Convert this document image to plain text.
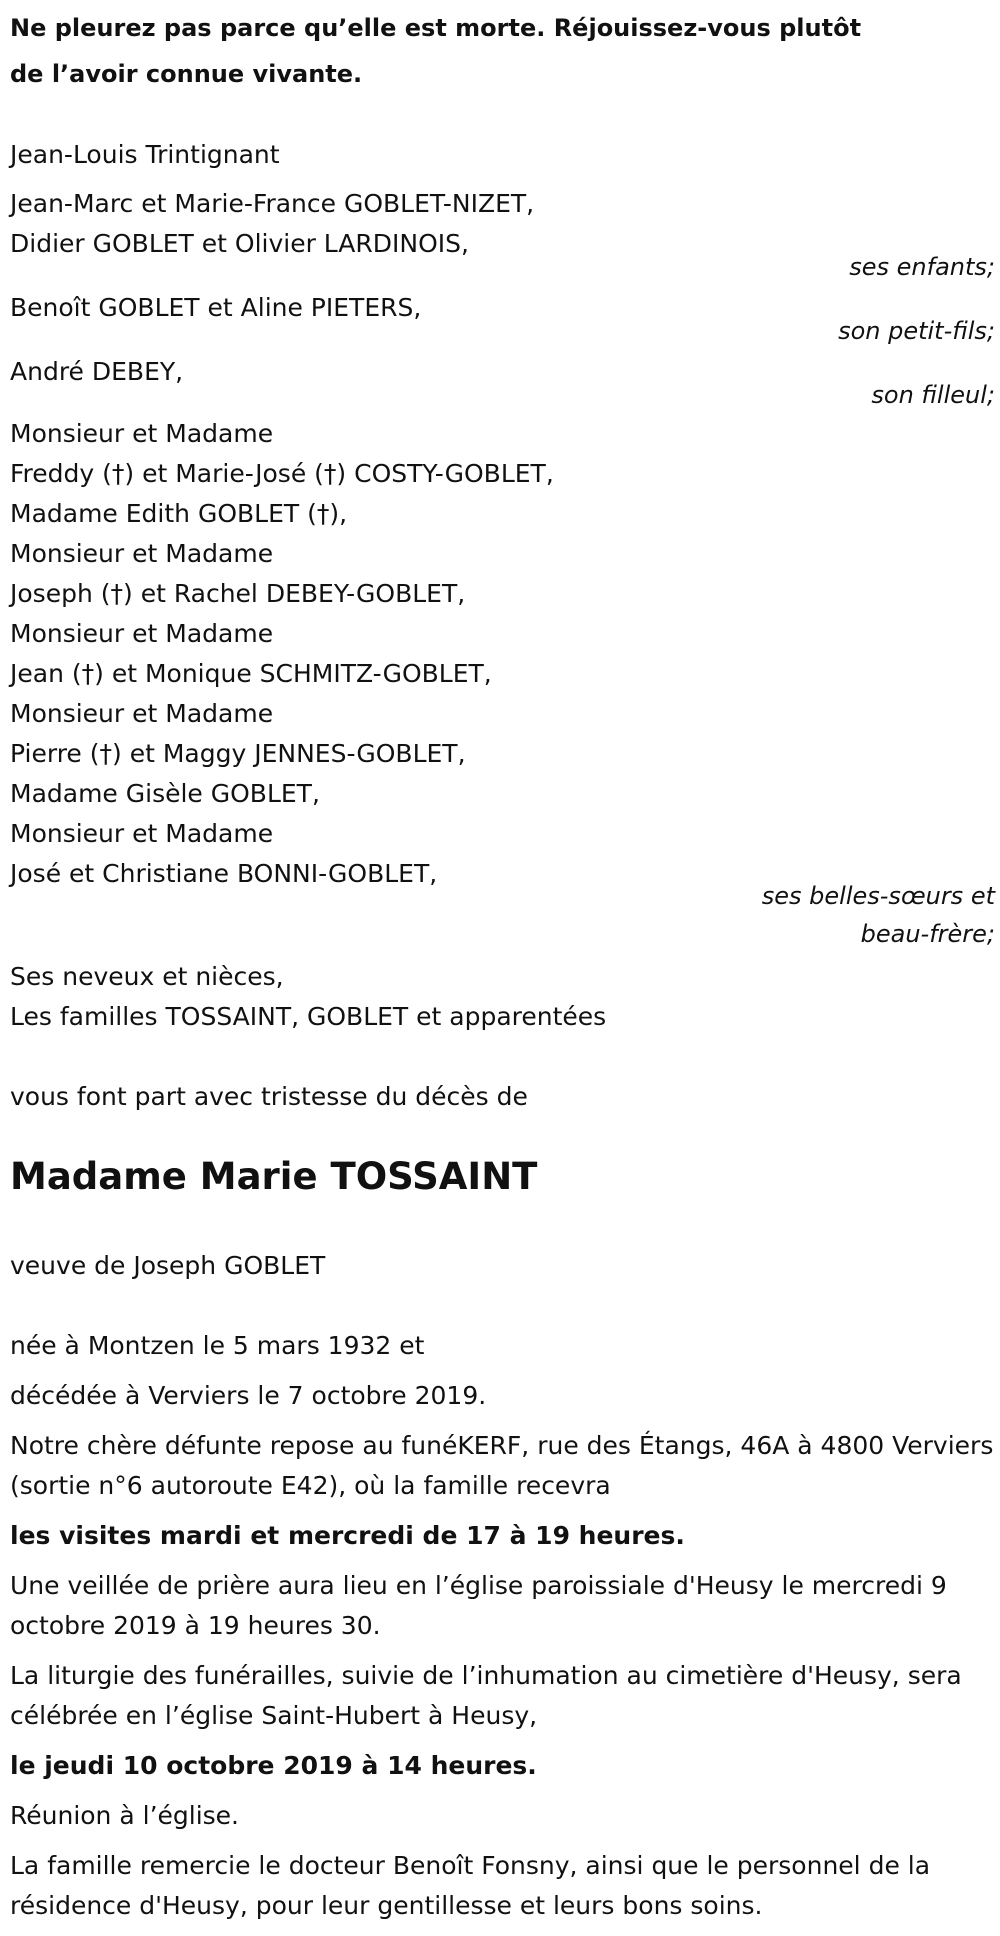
Ne pleurez pas parce qu’elle est morte. Réjouissez-vous plutôt
de l’avoir connue vivante.
Jean-Louis Trintignant
Jean-Marc et Marie-France GOBLET-NIZET,
Didier GOBLET et Olivier LARDINOIS,
ses enfants;
Benoît GOBLET et Aline PIETERS,
son petit-fils;
André DEBEY,
son filleul;
Monsieur et Madame
Freddy (†) et Marie-José (†) COSTY-GOBLET,
Madame Edith GOBLET (†),
Monsieur et Madame
Joseph (†) et Rachel DEBEY-GOBLET,
Monsieur et Madame
Jean (†) et Monique SCHMITZ-GOBLET,
Monsieur et Madame
Pierre (†) et Maggy JENNES-GOBLET,
Madame Gisèle GOBLET,
Monsieur et Madame
José et Christiane BONNI-GOBLET,
ses belles-sœurs et
beau-frère;
Ses neveux et nièces,
Les familles TOSSAINT, GOBLET et apparentées
vous font part avec tristesse du décès de
Madame Marie TOSSAINT
veuve de Joseph GOBLET
née à Montzen le 5 mars 1932 et
décédée à Verviers le 7 octobre 2019.
Notre chère défunte repose au funéKERF, rue des Étangs, 46A à 4800 Verviers (sortie n°6 autoroute E42), où la famille recevra
les visites mardi et mercredi de 17 à 19 heures.
Une veillée de prière aura lieu en l’église paroissiale d'Heusy le mercredi 9 octobre 2019 à 19 heures 30.
La liturgie des funérailles, suivie de l’inhumation au cimetière d'Heusy, sera célébrée en l’église Saint-Hubert à Heusy,
le jeudi 10 octobre 2019 à 14 heures.
Réunion à l’église.
La famille remercie le docteur Benoît Fonsny, ainsi que le personnel de la résidence d'Heusy, pour leur gentillesse et leurs bons soins.
